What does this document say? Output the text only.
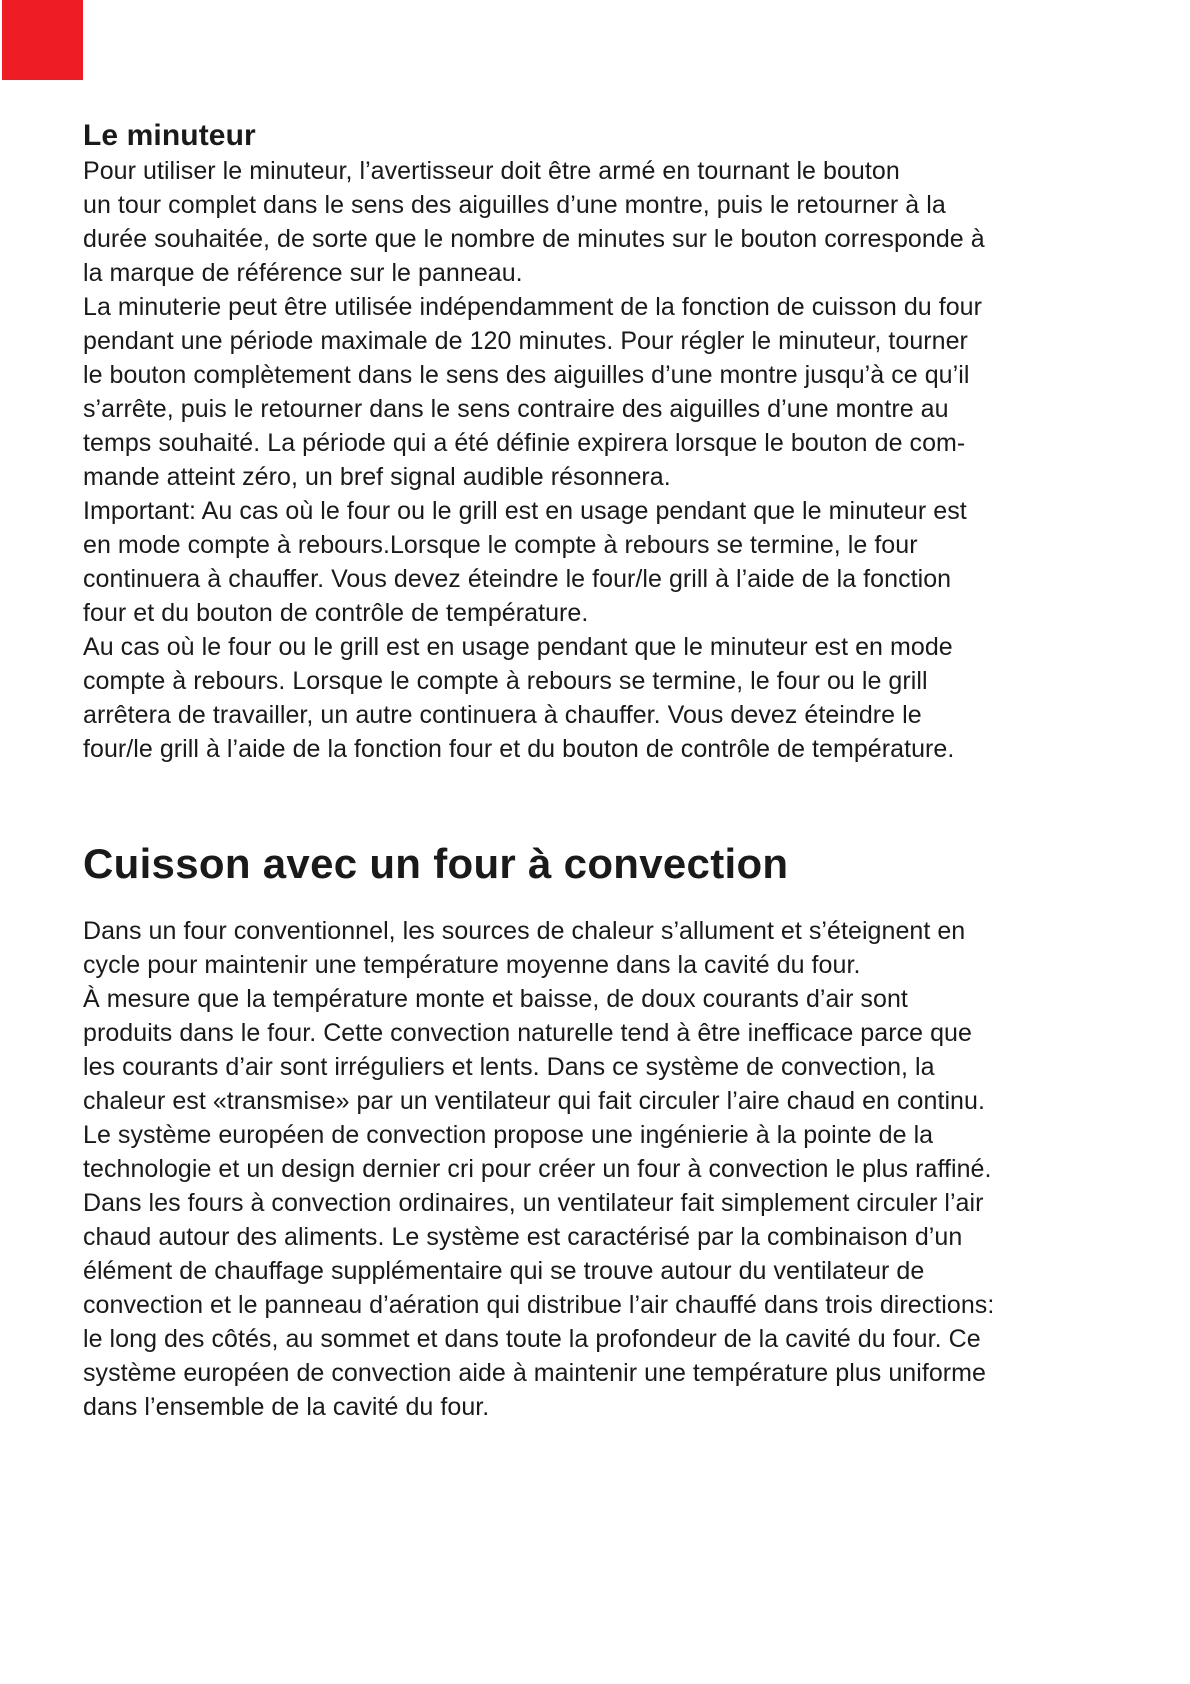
Le minuteur
Pour utiliser le minuteur, l’avertisseur doit être armé en tournant le bouton
un tour complet dans le sens des aiguilles d’une montre, puis le retourner à la
durée souhaitée, de sorte que le nombre de minutes sur le bouton corresponde à
la marque de référence sur le panneau.
La minuterie peut être utilisée indépendamment de la fonction de cuisson du four
pendant une période maximale de 120 minutes. Pour régler le minuteur, tourner
le bouton complètement dans le sens des aiguilles d’une montre jusqu’à ce qu’il
s’arrête, puis le retourner dans le sens contraire des aiguilles d’une montre au
temps souhaité. La période qui a été définie expirera lorsque le bouton de com-
mande atteint zéro, un bref signal audible résonnera.
Important: Au cas où le four ou le grill est en usage pendant que le minuteur est
en mode compte à rebours.Lorsque le compte à rebours se termine, le four
continuera à chauffer. Vous devez éteindre le four/le grill à l’aide de la fonction
four et du bouton de contrôle de température.
Au cas où le four ou le grill est en usage pendant que le minuteur est en mode
compte à rebours. Lorsque le compte à rebours se termine, le four ou le grill
arrêtera de travailler, un autre continuera à chauffer. Vous devez éteindre le
four/le grill à l’aide de la fonction four et du bouton de contrôle de température.
Cuisson avec un four à convection
Dans un four conventionnel, les sources de chaleur s’allument et s’éteignent en
cycle pour maintenir une température moyenne dans la cavité du four.
À mesure que la température monte et baisse, de doux courants d’air sont
produits dans le four. Cette convection naturelle tend à être inefficace parce que
les courants d’air sont irréguliers et lents. Dans ce système de convection, la
chaleur est «transmise» par un ventilateur qui fait circuler l’aire chaud en continu.
Le système européen de convection propose une ingénierie à la pointe de la
technologie et un design dernier cri pour créer un four à convection le plus raffiné.
Dans les fours à convection ordinaires, un ventilateur fait simplement circuler l’air
chaud autour des aliments. Le système est caractérisé par la combinaison d’un
élément de chauffage supplémentaire qui se trouve autour du ventilateur de
convection et le panneau d’aération qui distribue l’air chauffé dans trois directions:
le long des côtés, au sommet et dans toute la profondeur de la cavité du four. Ce
système européen de convection aide à maintenir une température plus uniforme
dans l’ensemble de la cavité du four.
